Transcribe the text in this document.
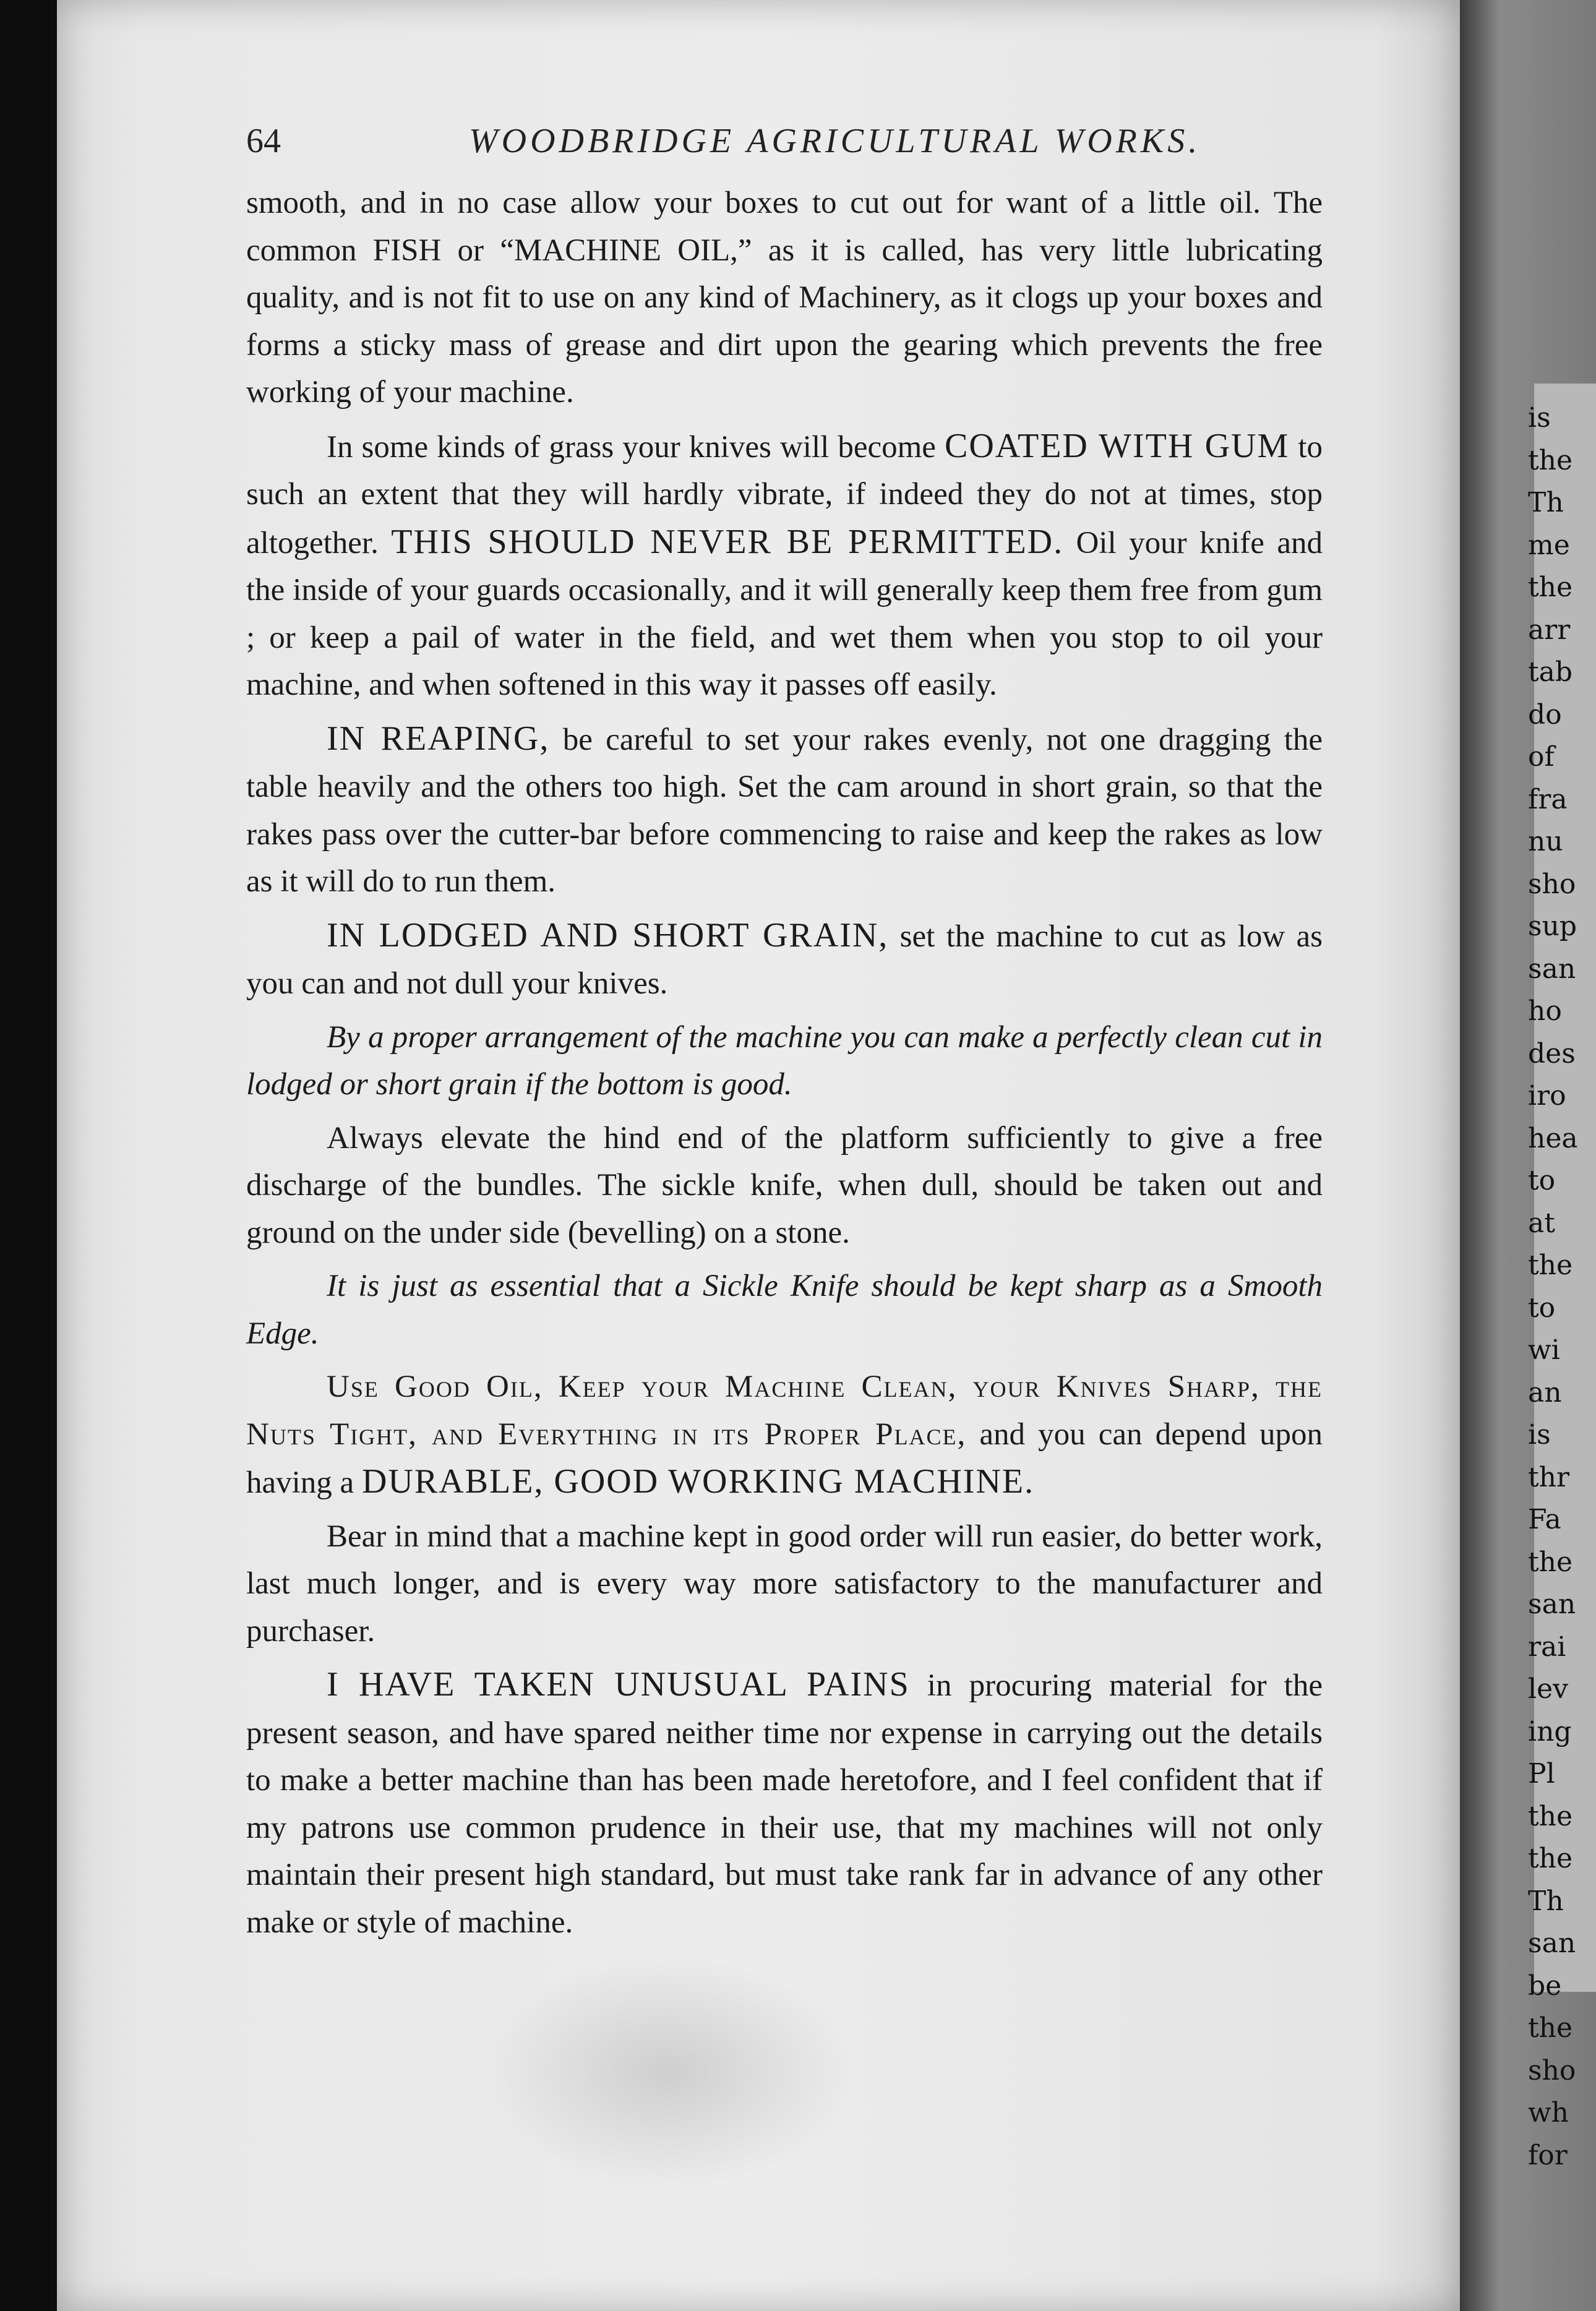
64	WOODBRIDGE AGRICULTURAL WORKS.

smooth, and in no case allow your boxes to cut out for want of a little oil. The common FISH or “MACHINE OIL,” as it is called, has very little lubricating quality, and is not fit to use on any kind of Machinery, as it clogs up your boxes and forms a sticky mass of grease and dirt upon the gearing which prevents the free working of your machine.

In some kinds of grass your knives will become COATED WITH GUM to such an extent that they will hardly vibrate, if indeed they do not at times, stop altogether. THIS SHOULD NEVER BE PERMITTED. Oil your knife and the inside of your guards occasionally, and it will generally keep them free from gum ; or keep a pail of water in the field, and wet them when you stop to oil your machine, and when softened in this way it passes off easily.

IN REAPING, be careful to set your rakes evenly, not one dragging the table heavily and the others too high. Set the cam around in short grain, so that the rakes pass over the cutter-bar before commencing to raise and keep the rakes as low as it will do to run them.

IN LODGED AND SHORT GRAIN, set the machine to cut as low as you can and not dull your knives.

By a proper arrangement of the machine you can make a perfectly clean cut in lodged or short grain if the bottom is good.

Always elevate the hind end of the platform sufficiently to give a free discharge of the bundles. The sickle knife, when dull, should be taken out and ground on the under side (bevelling) on a stone.

It is just as essential that a Sickle Knife should be kept sharp as a Smooth Edge.

Use Good Oil, Keep your Machine Clean, your Knives Sharp, the Nuts Tight, and Everything in its Proper Place, and you can depend upon having a DURABLE, GOOD WORKING MACHINE.

Bear in mind that a machine kept in good order will run easier, do better work, last much longer, and is every way more satisfactory to the manufacturer and purchaser.

I HAVE TAKEN UNUSUAL PAINS in procuring material for the present season, and have spared neither time nor expense in carrying out the details to make a better machine than has been made heretofore, and I feel confident that if my patrons use common prudence in their use, that my machines will not only maintain their present high standard, but must take rank far in advance of any other make or style of machine.

is
the
Th
me
the
arr
tab
do
of
fra
nu
sho
sup
san
ho
des
iro
hea
to
at
the
to
wi
an
is
thr
Fa
the
san
rai
lev
ing
Pl
the
the
Th
san
be
the
sho
wh
for
